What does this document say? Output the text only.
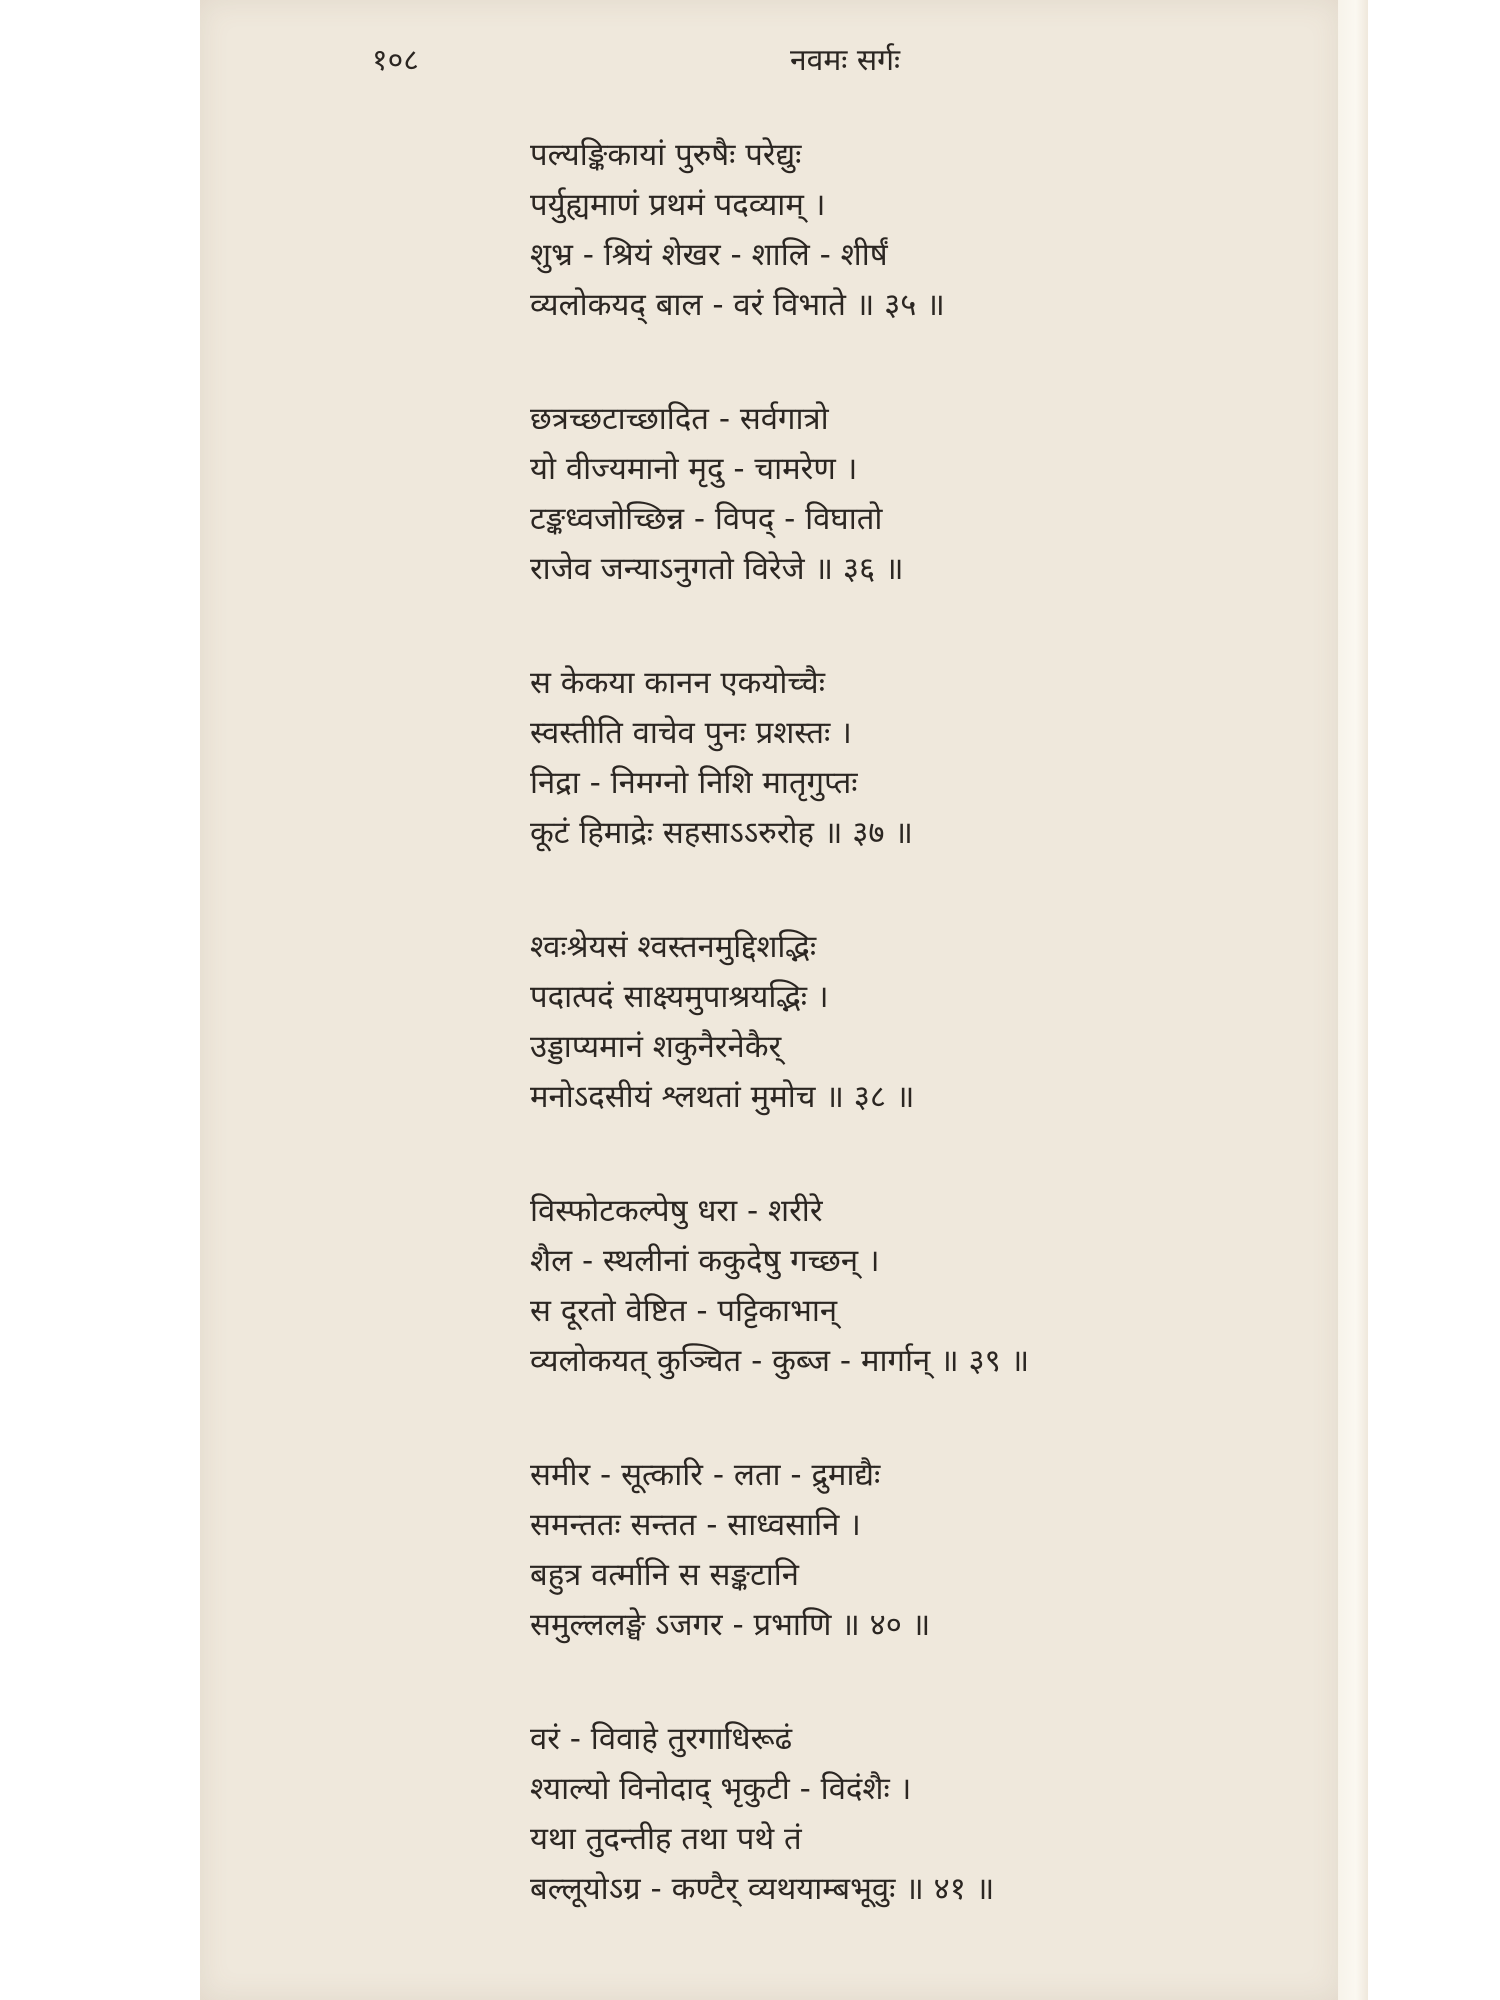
१०८	नवमः सर्गः
पल्यङ्किकायां पुरुषैः परेद्युः
पर्युह्यमाणं प्रथमं पदव्याम् ।
शुभ्र - श्रियं शेखर - शालि - शीर्षं
व्यलोकयद् बाल - वरं विभाते ॥ ३५ ॥
छत्रच्छटाच्छादित - सर्वगात्रो
यो वीज्यमानो मृदु - चामरेण ।
टङ्कध्वजोच्छिन्न - विपद् - विघातो
राजेव जन्याऽनुगतो विरेजे ॥ ३६ ॥
स केकया कानन एकयोच्चैः
स्वस्तीति वाचेव पुनः प्रशस्तः ।
निद्रा - निमग्नो निशि मातृगुप्तः
कूटं हिमाद्रेः सहसाऽऽरुरोह ॥ ३७ ॥
श्वःश्रेयसं श्वस्तनमुद्दिशद्भिः
पदात्पदं साक्ष्यमुपाश्रयद्भिः ।
उड्डाप्यमानं शकुनैरनेकैर्
मनोऽदसीयं श्लथतां मुमोच ॥ ३८ ॥
विस्फोटकल्पेषु धरा - शरीरे
शैल - स्थलीनां ककुदेषु गच्छन् ।
स दूरतो वेष्टित - पट्टिकाभान्
व्यलोकयत् कुञ्चित - कुब्ज - मार्गान् ॥ ३९ ॥
समीर - सूत्कारि - लता - द्रुमाद्यैः
समन्ततः सन्तत - साध्वसानि ।
बहुत्र वर्त्मानि स सङ्कटानि
समुल्ललङ्घे ऽजगर - प्रभाणि ॥ ४० ॥
वरं - विवाहे तुरगाधिरूढं
श्याल्यो विनोदाद् भृकुटी - विदंशैः ।
यथा तुदन्तीह तथा पथे तं
बल्लूयोऽग्र - कण्टैर् व्यथयाम्बभूवुः ॥ ४१ ॥
